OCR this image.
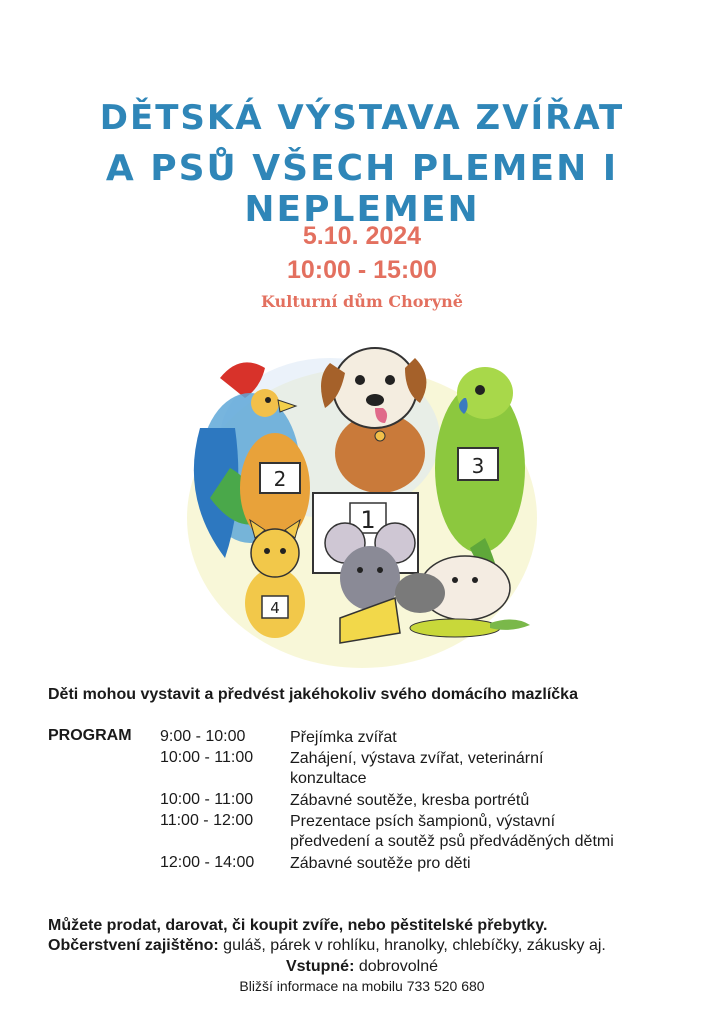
DĚTSKÁ VÝSTAVA ZVÍŘAT
A PSŮ VŠECH PLEMEN I NEPLEMEN
5.10. 2024
10:00 - 15:00
Kulturní dům Choryně
2
1
3
4
Děti mohou vystavit a předvést jakéhokoliv svého domácího mazlíčka
PROGRAM 9:00 - 10:00	Přejímka zvířat
10:00 - 11:00	Zahájení, výstava zvířat, veterinární
konzultace
10:00 - 11:00	Zábavné soutěže, kresba portrétů
11:00 - 12:00	Prezentace psích šampionů, výstavní
předvedení a soutěž psů předváděných dětmi
12:00 - 14:00	Zábavné soutěže pro děti
Můžete prodat, darovat, či koupit zvíře, nebo pěstitelské přebytky.
Občerstvení zajištěno: guláš, párek v rohlíku, hranolky, chlebíčky, zákusky aj.
Vstupné: dobrovolné
Bližší informace na mobilu 733 520 680
